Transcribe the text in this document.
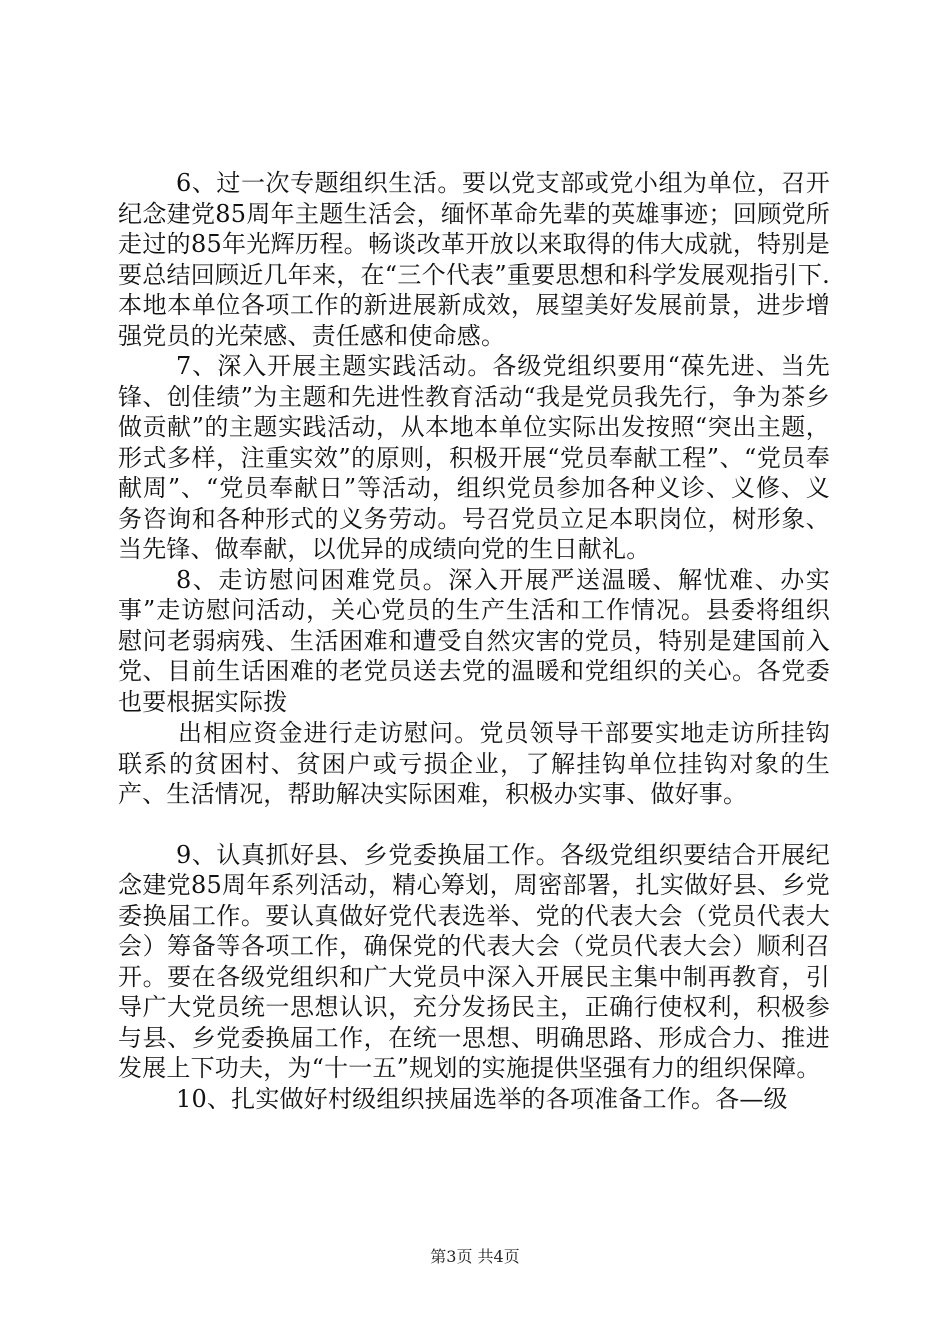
6、过一次专题组织生活。要以党支部或党小组为单位，召开纪念建党85周年主题生活会，缅怀革命先辈的英雄事迹；回顾党所走过的85年光辉历程。畅谈改革开放以来取得的伟大成就，特别是要总结回顾近几年来，在“三个代表”重要思想和科学发展观指引下.本地本单位各项工作的新进展新成效，展望美好发展前景，进步增强党员的光荣感、责任感和使命感。

7、深入开展主题实践活动。各级党组织要用“葆先进、当先锋、创佳绩”为主题和先进性教育活动“我是党员我先行，争为茶乡做贡献”的主题实践活动，从本地本单位实际出发按照“突出主题，形式多样，注重实效”的原则，积极开展“党员奉献工程”、“党员奉献周”、“党员奉献日”等活动，组织党员参加各种义诊、义修、义务咨询和各种形式的义务劳动。号召党员立足本职岗位，树形象、当先锋、做奉献，以优异的成绩向党的生日献礼。

8、走访慰问困难党员。深入开展严送温暖、解忧难、办实事”走访慰问活动，关心党员的生产生活和工作情况。县委将组织慰问老弱病残、生活困难和遭受自然灾害的党员，特别是建国前入党、目前生话困难的老党员送去党的温暖和党组织的关心。各党委也要根据实际拨

出相应资金进行走访慰问。党员领导干部要实地走访所挂钩联系的贫困村、贫困户或亏损企业，了解挂钩单位挂钩对象的生产、生活情况，帮助解决实际困难，积极办实事、做好事。

9、认真抓好县、乡党委换届工作。各级党组织要结合开展纪念建党85周年系列活动，精心筹划，周密部署，扎实做好县、乡党委换届工作。要认真做好党代表选举、党的代表大会（党员代表大会）筹备等各项工作，确保党的代表大会（党员代表大会）顺利召开。要在各级党组织和广大党员中深入开展民主集中制再教育，引导广大党员统一思想认识，充分发扬民主，正确行使权利，积极参与县、乡党委换届工作，在统一思想、明确思路、形成合力、推进发展上下功夫，为“十一五”规划的实施提供坚强有力的组织保障。

10、扎实做好村级组织挟届选举的各项准备工作。各—级

第3页 共4页
